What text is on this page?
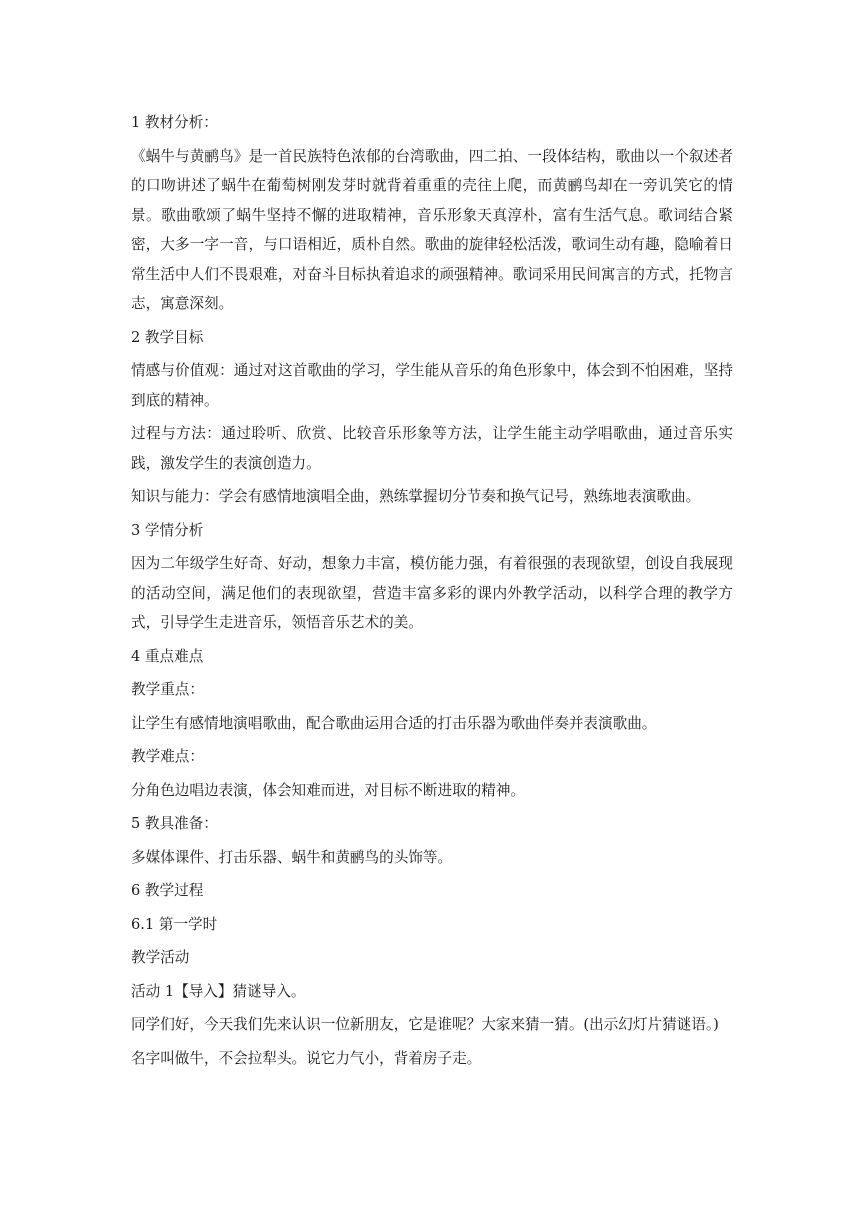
1 教材分析：

《蜗牛与黄鹂鸟》是一首民族特色浓郁的台湾歌曲，四二拍、一段体结构，歌曲以一个叙述者的口吻讲述了蜗牛在葡萄树刚发芽时就背着重重的壳往上爬，而黄鹂鸟却在一旁讥笑它的情景。歌曲歌颂了蜗牛坚持不懈的进取精神，音乐形象天真淳朴，富有生活气息。歌词结合紧密，大多一字一音，与口语相近，质朴自然。歌曲的旋律轻松活泼，歌词生动有趣，隐喻着日常生活中人们不畏艰难，对奋斗目标执着追求的顽强精神。歌词采用民间寓言的方式，托物言志，寓意深刻。

2 教学目标

情感与价值观：通过对这首歌曲的学习，学生能从音乐的角色形象中，体会到不怕困难，坚持到底的精神。

过程与方法：通过聆听、欣赏、比较音乐形象等方法，让学生能主动学唱歌曲，通过音乐实践，激发学生的表演创造力。

知识与能力：学会有感情地演唱全曲，熟练掌握切分节奏和换气记号，熟练地表演歌曲。

3 学情分析

因为二年级学生好奇、好动，想象力丰富，模仿能力强，有着很强的表现欲望，创设自我展现的活动空间，满足他们的表现欲望，营造丰富多彩的课内外教学活动，以科学合理的教学方式，引导学生走进音乐，领悟音乐艺术的美。

4 重点难点

教学重点：

让学生有感情地演唱歌曲，配合歌曲运用合适的打击乐器为歌曲伴奏并表演歌曲。

教学难点：

分角色边唱边表演，体会知难而进，对目标不断进取的精神。

5 教具准备：

多媒体课件、打击乐器、蜗牛和黄鹂鸟的头饰等。

6 教学过程

6.1 第一学时

教学活动

活动 1【导入】猜谜导入。

同学们好，今天我们先来认识一位新朋友，它是谁呢？大家来猜一猜。(出示幻灯片猜谜语。)

名字叫做牛，不会拉犁头。说它力气小，背着房子走。
